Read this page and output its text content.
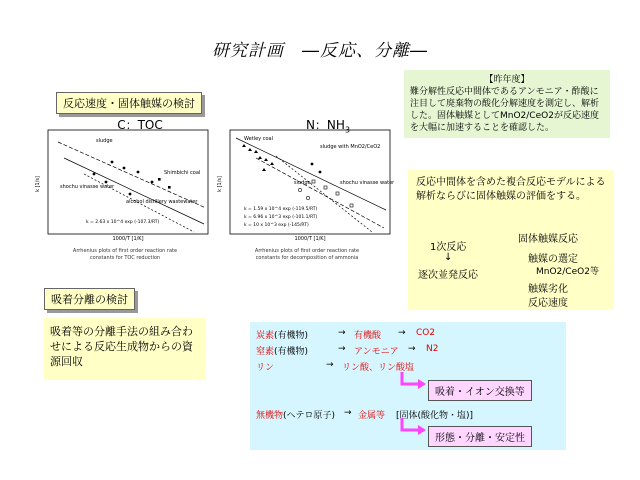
研究計画　―反応、分離―
反応速度・固体触媒の検討
C：TOC
k [1/s]
sludge
Shimbichi coal
shochu vinasse water
alcohol distillery wastewater
k = 2.63 x 10^4 exp (-107.3/RT)
1000/T [1/K]
Arrhenius plots of first order reaction rate
constants for TOC reduction
N：$NH_3$
k [1/s]
Wetley coal
sludge with MnO2/CeO2
sludge	shochu vinasse water
k = 1.59 x 10^4 exp (-119.5/RT)
k = 6.96 x 10^3 exp (-101.1/RT)
k = 10 x 10^3 exp (-145/RT)
1000/T [1/K]
Arrhenius plots of first order reaction rate
constants for decomposition of ammonia
【昨年度】
難分解性反応中間体であるアンモニア・酢酸に注目して廃棄物の酸化分解速度を測定し、解析した。固体触媒としてMnO2/CeO2が反応速度を大幅に加速することを確認した。
反応中間体を含めた複合反応モデルによる解析ならびに固体触媒の評価をする。
1次反応
↓
逐次並発反応
固体触媒反応
触媒の選定
MnO2/CeO2等
触媒劣化
反応速度
吸着分離の検討
吸着等の分離手法の組み合わせによる反応生成物からの資源回収
炭素(有機物)	→ 有機酸 → CO2
窒素(有機物)	→ アンモニア → N2
リン	→ リン酸、リン酸塩
吸着・イオン交換等
無機物(ヘテロ原子) → 金属等 [固体(酸化物・塩)]
形態・分離・安定性
